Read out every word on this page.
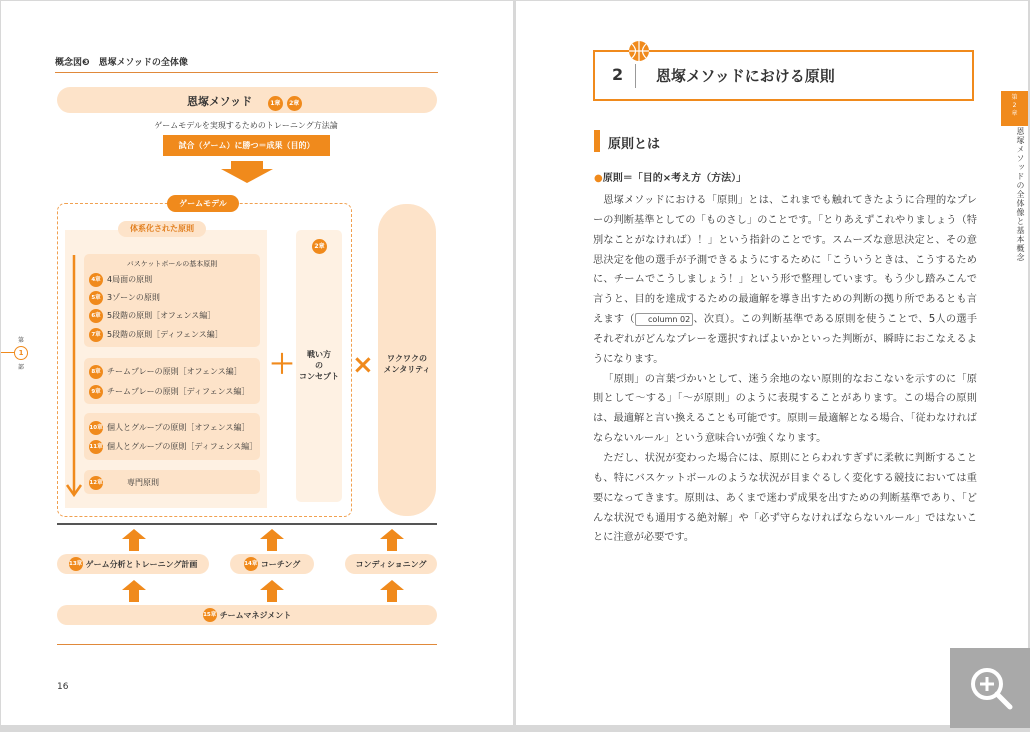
概念図❸　恩塚メソッドの全体像
恩塚メソッド	1章 2章
ゲームモデルを実現するためのトレーニング方法論
試合（ゲーム）に勝つ＝成果（目的）
ゲームモデル
体系化された原則
バスケットボールの基本原則
4章 4局面の原則
5章 3ゾーンの原則
6章 5段階の原則［オフェンス編］
7章 5段階の原則［ディフェンス編］
8章 チームプレーの原則［オフェンス編］
9章 チームプレーの原則［ディフェンス編］
10章 個人とグループの原則［オフェンス編］
11章 個人とグループの原則［ディフェンス編］
12章	専門原則
＋
2章
戦い方
の
コンセプト ×	ワクワクの
メンタリティ
13章 ゲーム分析とトレーニング計画	14章 コーチング	コンディショニング
15章 チームマネジメント
16
第
1
部
2 恩塚メソッドにおける原則
原則とは
●原則＝「目的×考え方（方法）」

恩塚メソッドにおける「原則」とは、これまでも触れてきたように合理的なプレーの判断基準としての「ものさし」のことです。「とりあえずこれやりましょう（特別なことがなければ）！」という指針のことです。スムーズな意思決定と、その意思決定を他の選手が予測できるようにするために「こういうときは、こうするために、チームでこうしましょう！」という形で整理しています。もう少し踏みこんで言うと、目的を達成するための最適解を導き出すための判断の拠り所であるとも言えます（ column 02 、次頁）。この判断基準である原則を使うことで、5人の選手それぞれがどんなプレーを選択すればよいかといった判断が、瞬時におこなえるようになります。

「原則」の言葉づかいとして、迷う余地のない原則的なおこないを示すのに「原則として〜する」「〜が原則」のように表現することがあります。この場合の原則は、最適解と言い換えることも可能です。原則＝最適解となる場合、「従わなければならないルール」という意味合いが強くなります。

ただし、状況が変わった場合には、原則にとらわれすぎずに柔軟に判断することも、特にバスケットボールのような状況が目まぐるしく変化する競技においては重要になってきます。原則は、あくまで迷わず成果を出すための判断基準であり、「どんな状況でも通用する絶対解」や「必ず守らなければならないルール」ではないことに注意が必要です。

第
2
章
恩塚メソッドの全体像と基本概念
